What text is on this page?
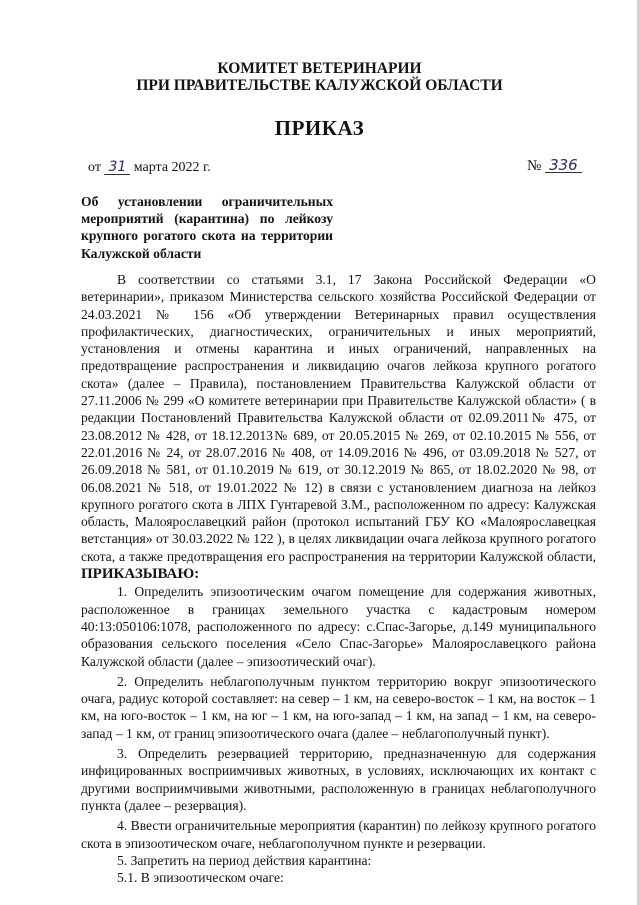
КОМИТЕТ ВЕТЕРИНАРИИ
ПРИ ПРАВИТЕЛЬСТВЕ КАЛУЖСКОЙ ОБЛАСТИ
ПРИКАЗ
от 31 марта 2022 г.	№ 336
Об установлении ограничительных мероприятий (карантина) по лейкозу крупного рогатого скота на территории Калужской области

В соответствии со статьями 3.1, 17 Закона Российской Федерации «О ветеринарии», приказом Министерства сельского хозяйства Российской Федерации от 24.03.2021 № 156 «Об утверждении Ветеринарных правил осуществления профилактических, диагностических, ограничительных и иных мероприятий, установления и отмены карантина и иных ограничений, направленных на предотвращение распространения и ликвидацию очагов лейкоза крупного рогатого скота» (далее – Правила), постановлением Правительства Калужской области от 27.11.2006 № 299 «О комитете ветеринарии при Правительстве Калужской области» ( в редакции Постановлений Правительства Калужской области от 02.09.2011№ 475, от 23.08.2012 № 428, от 18.12.2013№ 689, от 20.05.2015 № 269, от 02.10.2015 № 556, от 22.01.2016 № 24, от 28.07.2016 № 408, от 14.09.2016 № 496, от 03.09.2018 № 527, от 26.09.2018 № 581, от 01.10.2019 № 619, от 30.12.2019 № 865, от 18.02.2020 № 98, от 06.08.2021 № 518, от 19.01.2022 № 12) в связи с установлением диагноза на лейкоз крупного рогатого скота в ЛПХ Гунтаревой З.М., расположенном по адресу: Калужская область, Малоярославецкий район (протокол испытаний ГБУ КО «Малоярославецкая ветстанция» от 30.03.2022 № 122 ), в целях ликвидации очага лейкоза крупного рогатого скота, а также предотвращения его распространения на территории Калужской области, ПРИКАЗЫВАЮ:

1. Определить эпизоотическим очагом помещение для содержания животных, расположенное в границах земельного участка с кадастровым номером 40:13:050106:1078, расположенного по адресу: с.Спас-Загорье, д.149 муниципального образования сельского поселения «Село Спас-Загорье» Малоярославецкого района Калужской области (далее – эпизоотический очаг).

2. Определить неблагополучным пунктом территорию вокруг эпизоотического очага, радиус которой составляет: на север – 1 км, на северо-восток – 1 км, на восток – 1 км, на юго-восток – 1 км, на юг – 1 км, на юго-запад – 1 км, на запад – 1 км, на северо-запад – 1 км, от границ эпизоотического очага (далее – неблагополучный пункт).

3. Определить резервацией территорию, предназначенную для содержания инфицированных восприимчивых животных, в условиях, исключающих их контакт с другими восприимчивыми животными, расположенную в границах неблагополучного пункта (далее – резервация).

4. Ввести ограничительные мероприятия (карантин) по лейкозу крупного рогатого скота в эпизоотическом очаге, неблагополучном пункте и резервации.

5. Запретить на период действия карантина:

5.1. В эпизоотическом очаге:
